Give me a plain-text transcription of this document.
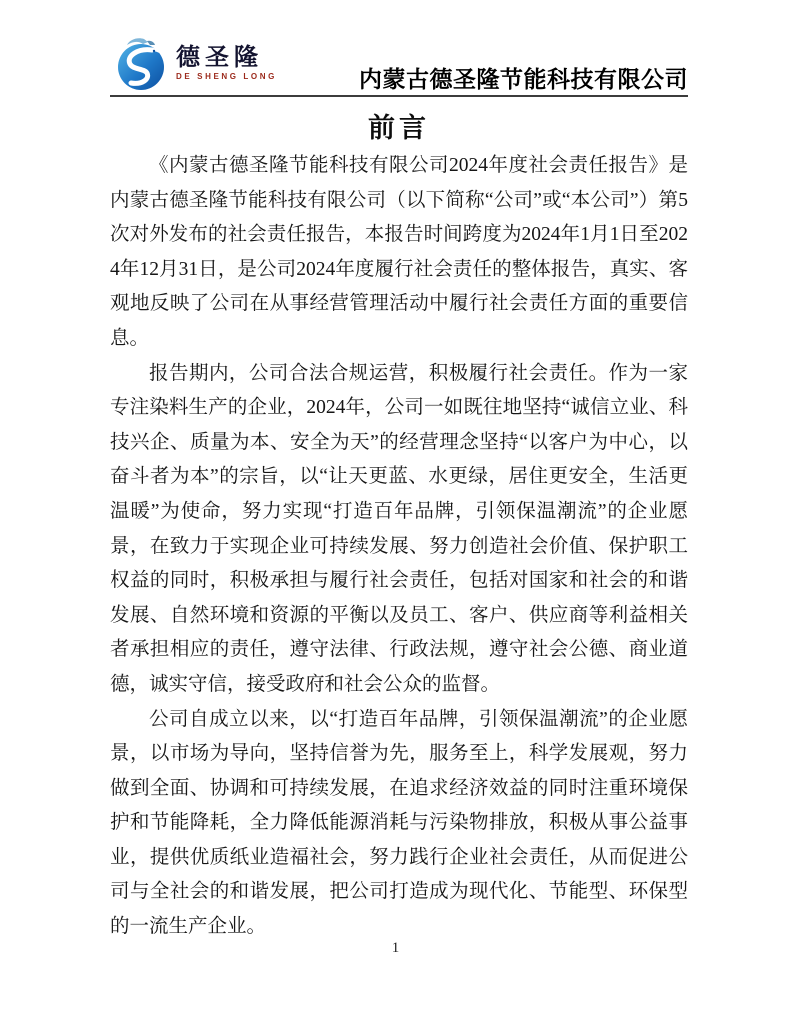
德圣隆
DE SHENG LONG	内蒙古德圣隆节能科技有限公司
前言

《内蒙古德圣隆节能科技有限公司2024年度社会责任报告》是内蒙古德圣隆节能科技有限公司（以下简称“公司”或“本公司”）第5次对外发布的社会责任报告，本报告时间跨度为2024年1月1日至2024年12月31日，是公司2024年度履行社会责任的整体报告，真实、客观地反映了公司在从事经营管理活动中履行社会责任方面的重要信息。

报告期内，公司合法合规运营，积极履行社会责任。作为一家专注染料生产的企业，2024年，公司一如既往地坚持“诚信立业、科技兴企、质量为本、安全为天”的经营理念坚持“以客户为中心，以奋斗者为本”的宗旨，以“让天更蓝、水更绿，居住更安全，生活更温暖”为使命，努力实现“打造百年品牌，引领保温潮流”的企业愿景，在致力于实现企业可持续发展、努力创造社会价值、保护职工权益的同时，积极承担与履行社会责任，包括对国家和社会的和谐发展、自然环境和资源的平衡以及员工、客户、供应商等利益相关者承担相应的责任，遵守法律、行政法规，遵守社会公德、商业道德，诚实守信，接受政府和社会公众的监督。

公司自成立以来，以“打造百年品牌，引领保温潮流”的企业愿景，以市场为导向，坚持信誉为先，服务至上，科学发展观，努力做到全面、协调和可持续发展，在追求经济效益的同时注重环境保护和节能降耗，全力降低能源消耗与污染物排放，积极从事公益事业，提供优质纸业造福社会，努力践行企业社会责任，从而促进公司与全社会的和谐发展，把公司打造成为现代化、节能型、环保型的一流生产企业。

1
